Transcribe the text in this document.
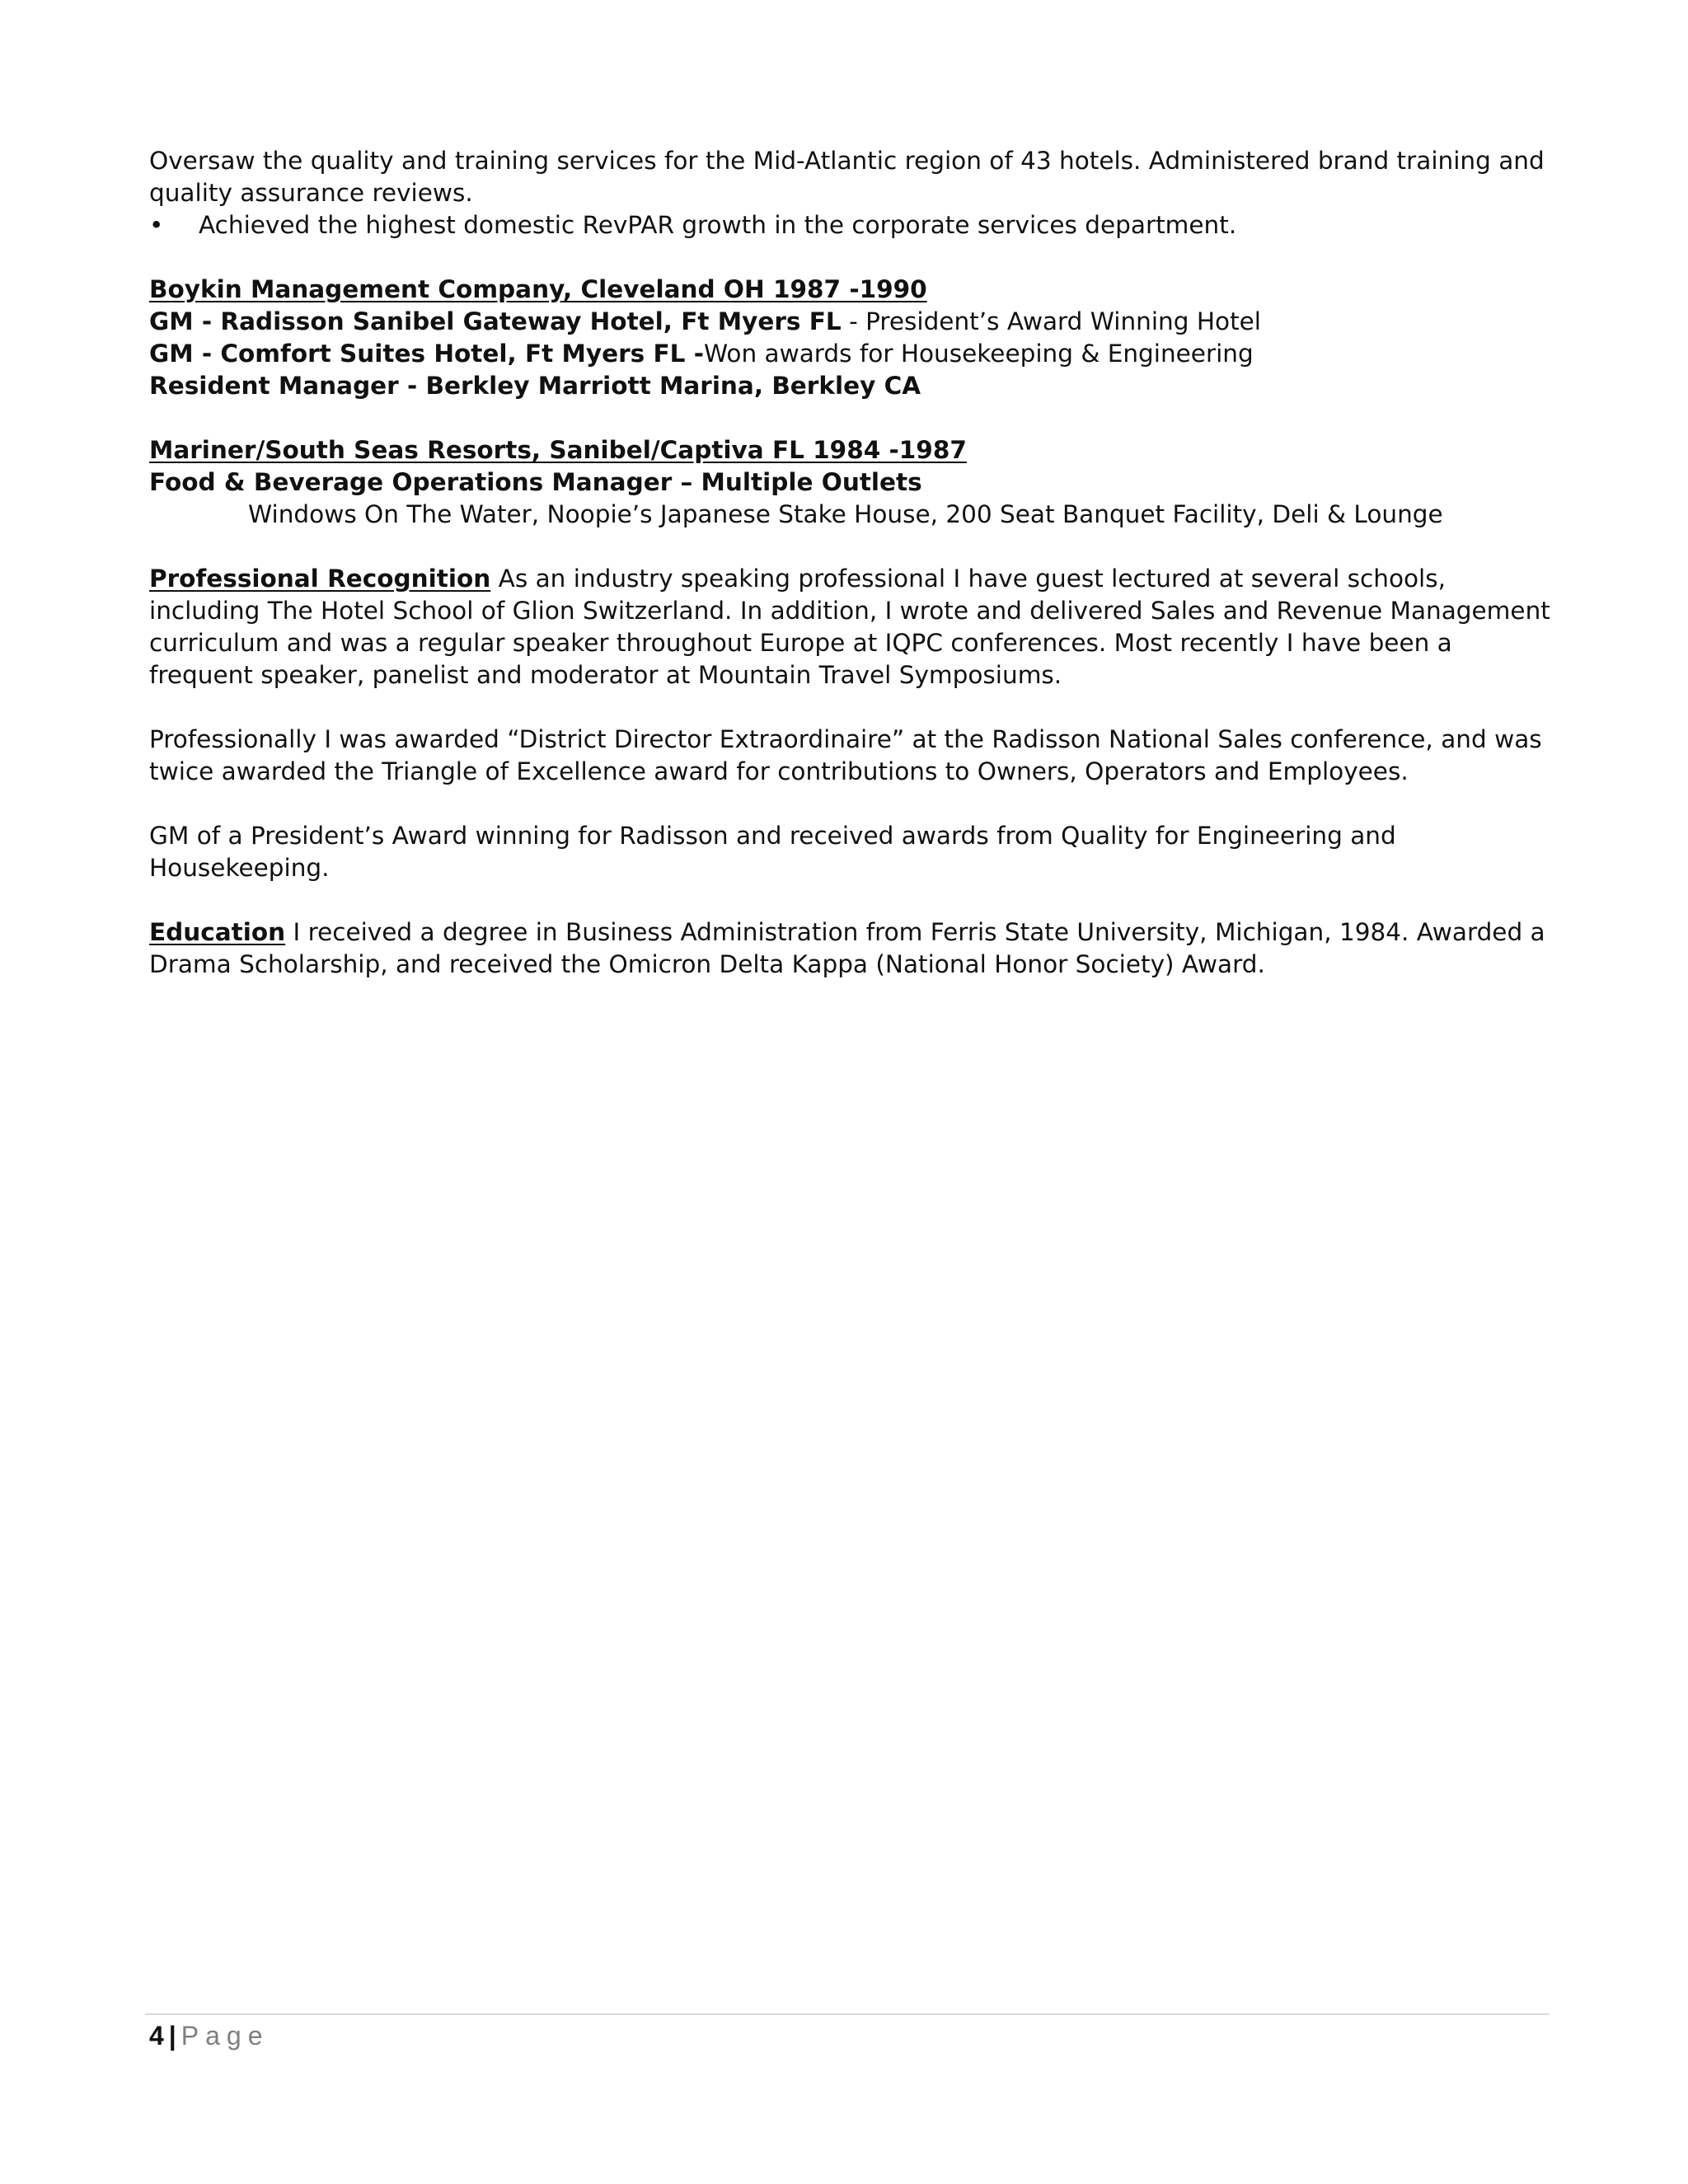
Oversaw the quality and training services for the Mid-Atlantic region of 43 hotels. Administered brand training and quality assurance reviews.

•	Achieved the highest domestic RevPAR growth in the corporate services department.

Boykin Management Company, Cleveland OH 1987 -1990

GM - Radisson Sanibel Gateway Hotel, Ft Myers FL - President’s Award Winning Hotel

GM - Comfort Suites Hotel, Ft Myers FL -Won awards for Housekeeping & Engineering

Resident Manager - Berkley Marriott Marina, Berkley CA

Mariner/South Seas Resorts, Sanibel/Captiva FL 1984 -1987

Food & Beverage Operations Manager – Multiple Outlets

Windows On The Water, Noopie’s Japanese Stake House, 200 Seat Banquet Facility, Deli & Lounge

Professional Recognition As an industry speaking professional I have guest lectured at several schools, including The Hotel School of Glion Switzerland. In addition, I wrote and delivered Sales and Revenue Management curriculum and was a regular speaker throughout Europe at IQPC conferences. Most recently I have been a frequent speaker, panelist and moderator at Mountain Travel Symposiums.

Professionally I was awarded “District Director Extraordinaire” at the Radisson National Sales conference, and was twice awarded the Triangle of Excellence award for contributions to Owners, Operators and Employees.

GM of a President’s Award winning for Radisson and received awards from Quality for Engineering and Housekeeping.

Education I received a degree in Business Administration from Ferris State University, Michigan, 1984. Awarded a Drama Scholarship, and received the Omicron Delta Kappa (National Honor Society) Award.

4 | Page
